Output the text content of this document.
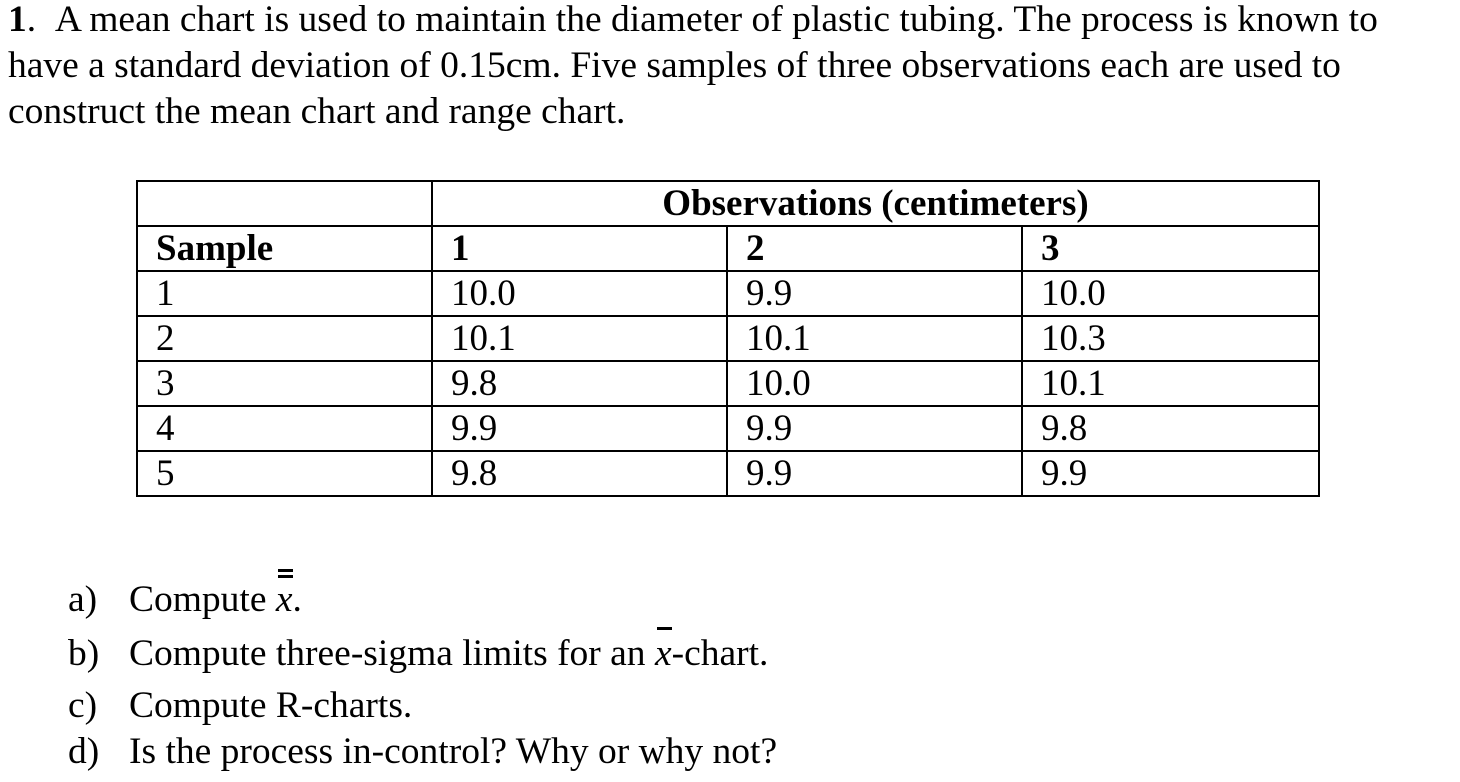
1.  A mean chart is used to maintain the diameter of plastic tubing. The process is known to have a standard deviation of 0.15cm. Five samples of three observations each are used to construct the mean chart and range chart.

	Observations (centimeters)		
Sample	1	2	3
1	10.0	9.9	10.0
2	10.1	10.1	10.3
3	9.8	10.0	10.1
4	9.9	9.9	9.8
5	9.8	9.9	9.9
a) Compute
x.
b) Compute three-sigma limits for an
x-chart.
c) Compute R-charts.
d) Is the process in-control? Why or why not?
